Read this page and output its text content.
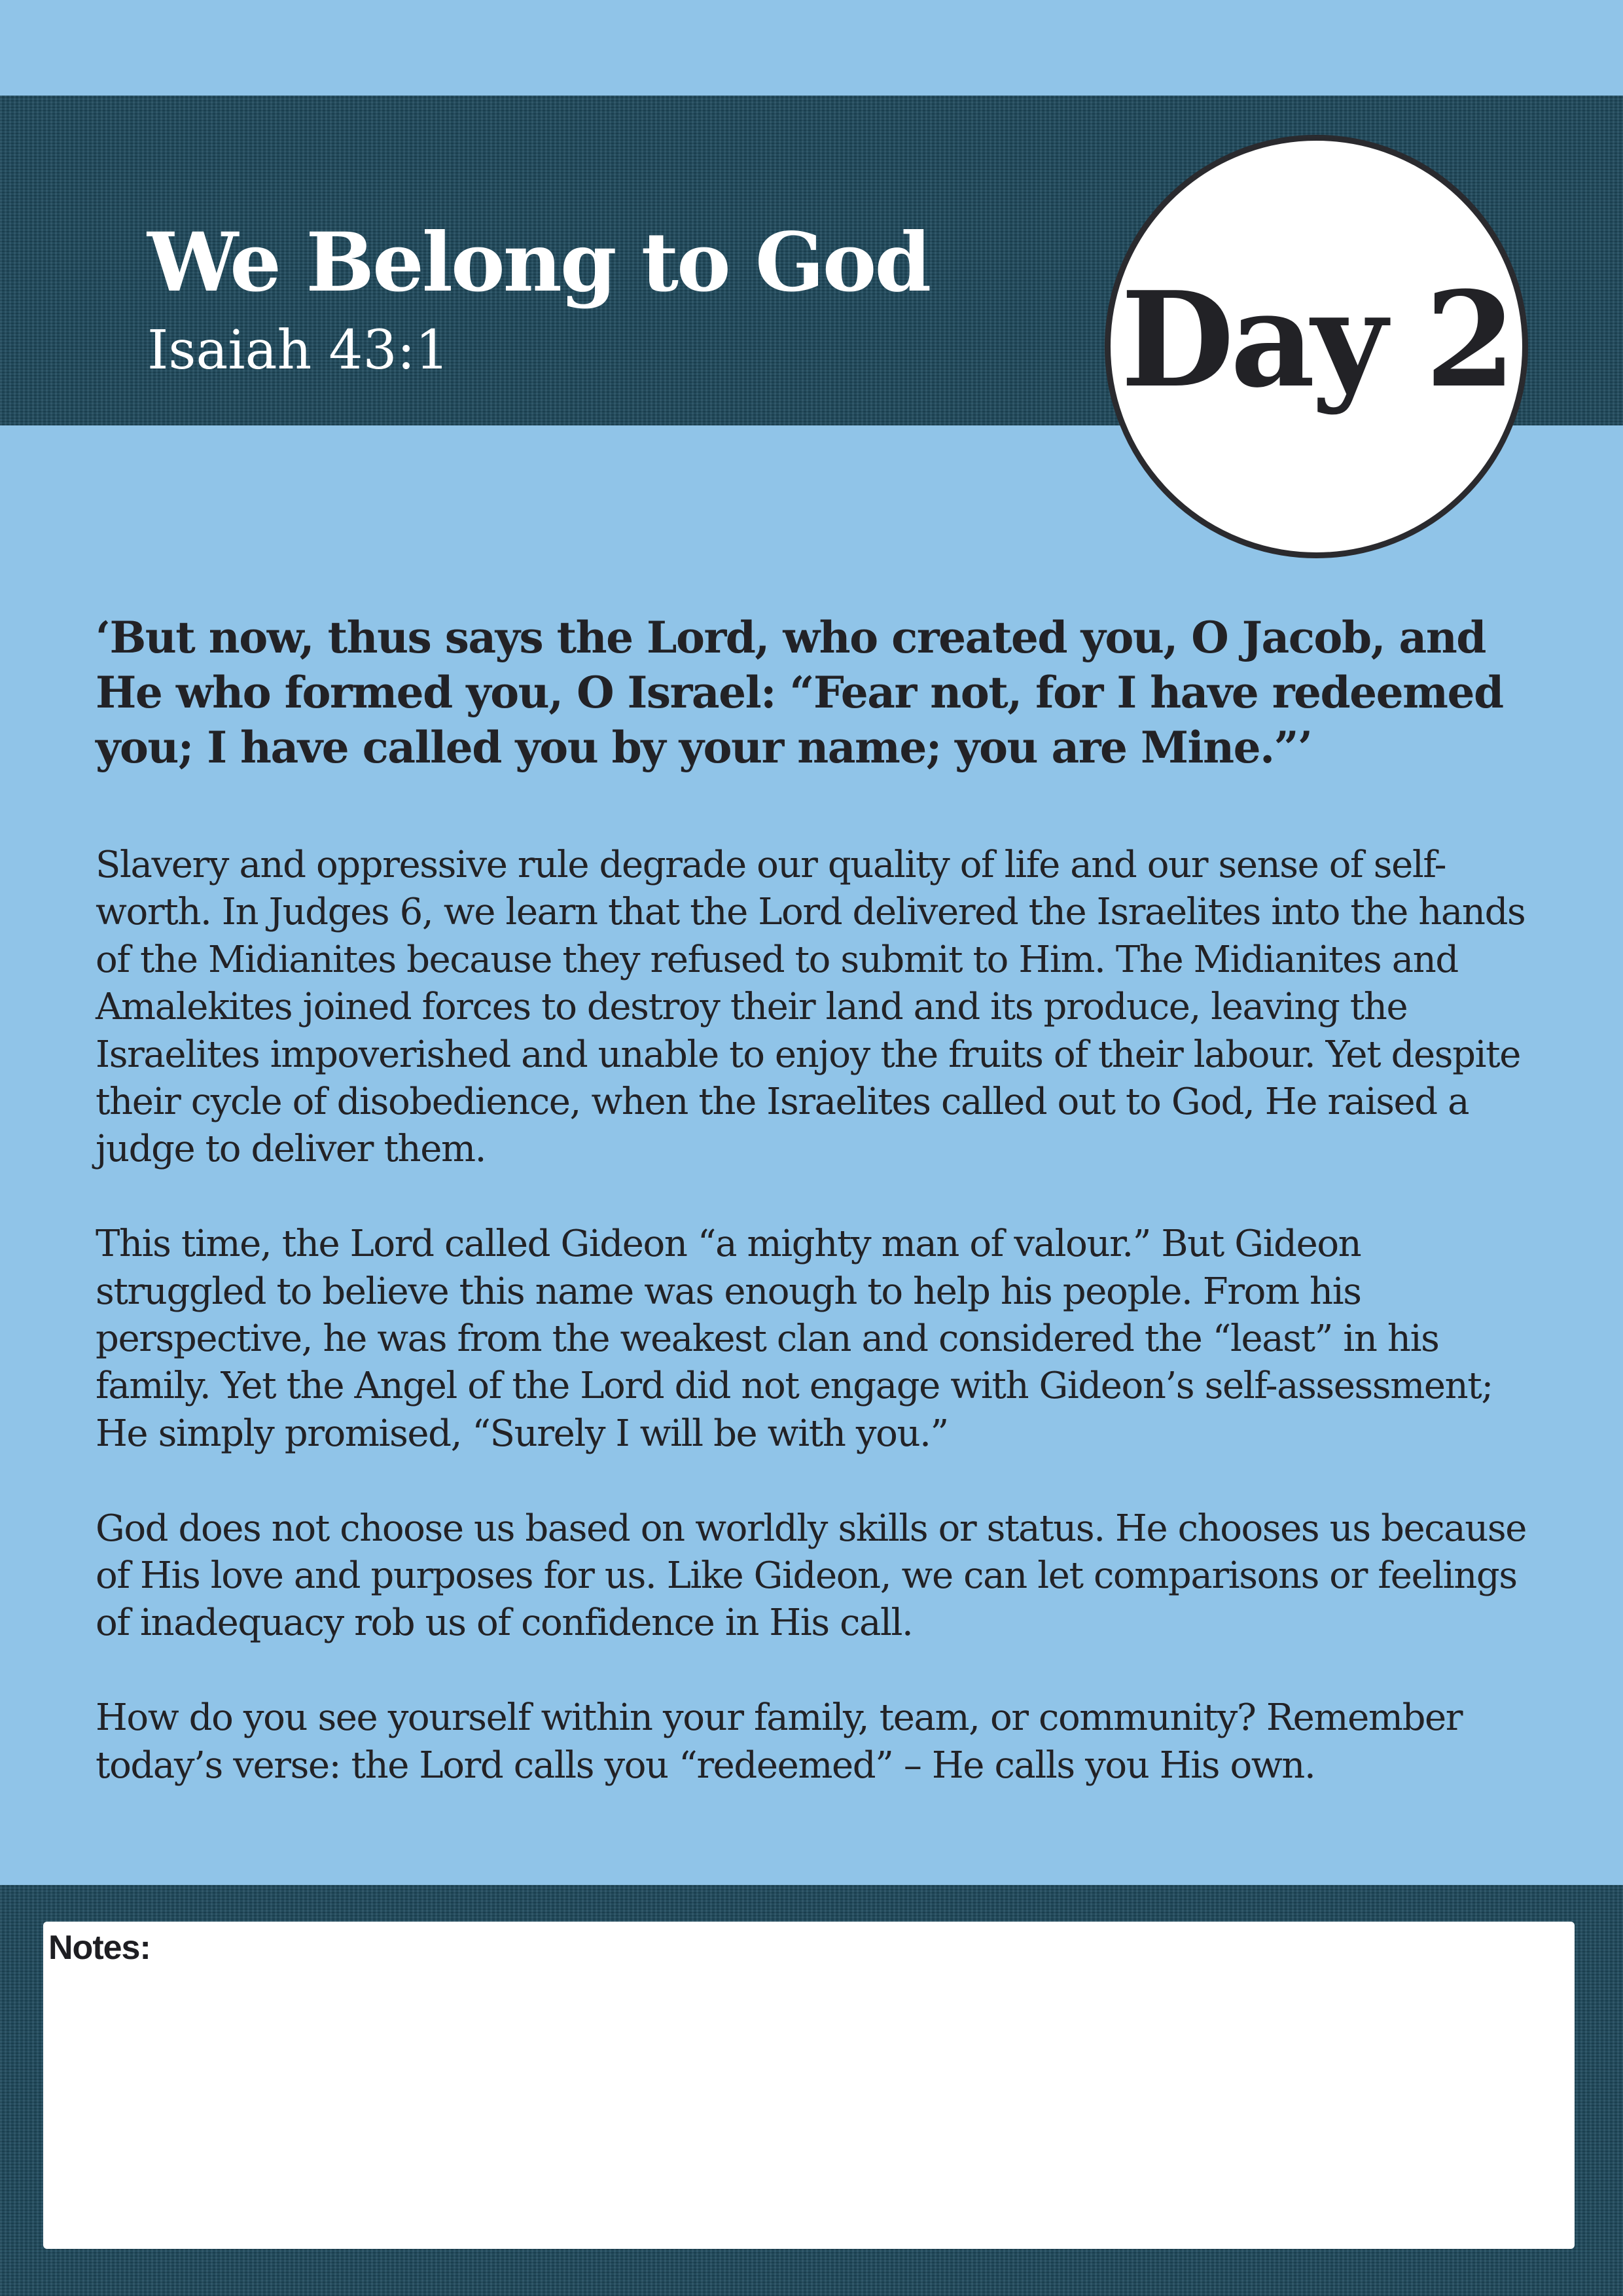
We Belong to God
Isaiah 43:1	Day 2

‘But now, thus says the Lord, who created you, O Jacob, and He who formed you, O Israel: “Fear not, for I have redeemed you; I have called you by your name; you are Mine.”’

Slavery and oppressive rule degrade our quality of life and our sense of self-worth. In Judges 6, we learn that the Lord delivered the Israelites into the hands of the Midianites because they refused to submit to Him. The Midianites and Amalekites joined forces to destroy their land and its produce, leaving the Israelites impoverished and unable to enjoy the fruits of their labour. Yet despite their cycle of disobedience, when the Israelites called out to God, He raised a judge to deliver them.

This time, the Lord called Gideon “a mighty man of valour.” But Gideon struggled to believe this name was enough to help his people. From his perspective, he was from the weakest clan and considered the “least” in his family. Yet the Angel of the Lord did not engage with Gideon’s self-assessment; He simply promised, “Surely I will be with you.”

God does not choose us based on worldly skills or status. He chooses us because of His love and purposes for us. Like Gideon, we can let comparisons or feelings of inadequacy rob us of confidence in His call.

How do you see yourself within your family, team, or community? Remember today’s verse: the Lord calls you “redeemed” – He calls you His own.

Notes:
